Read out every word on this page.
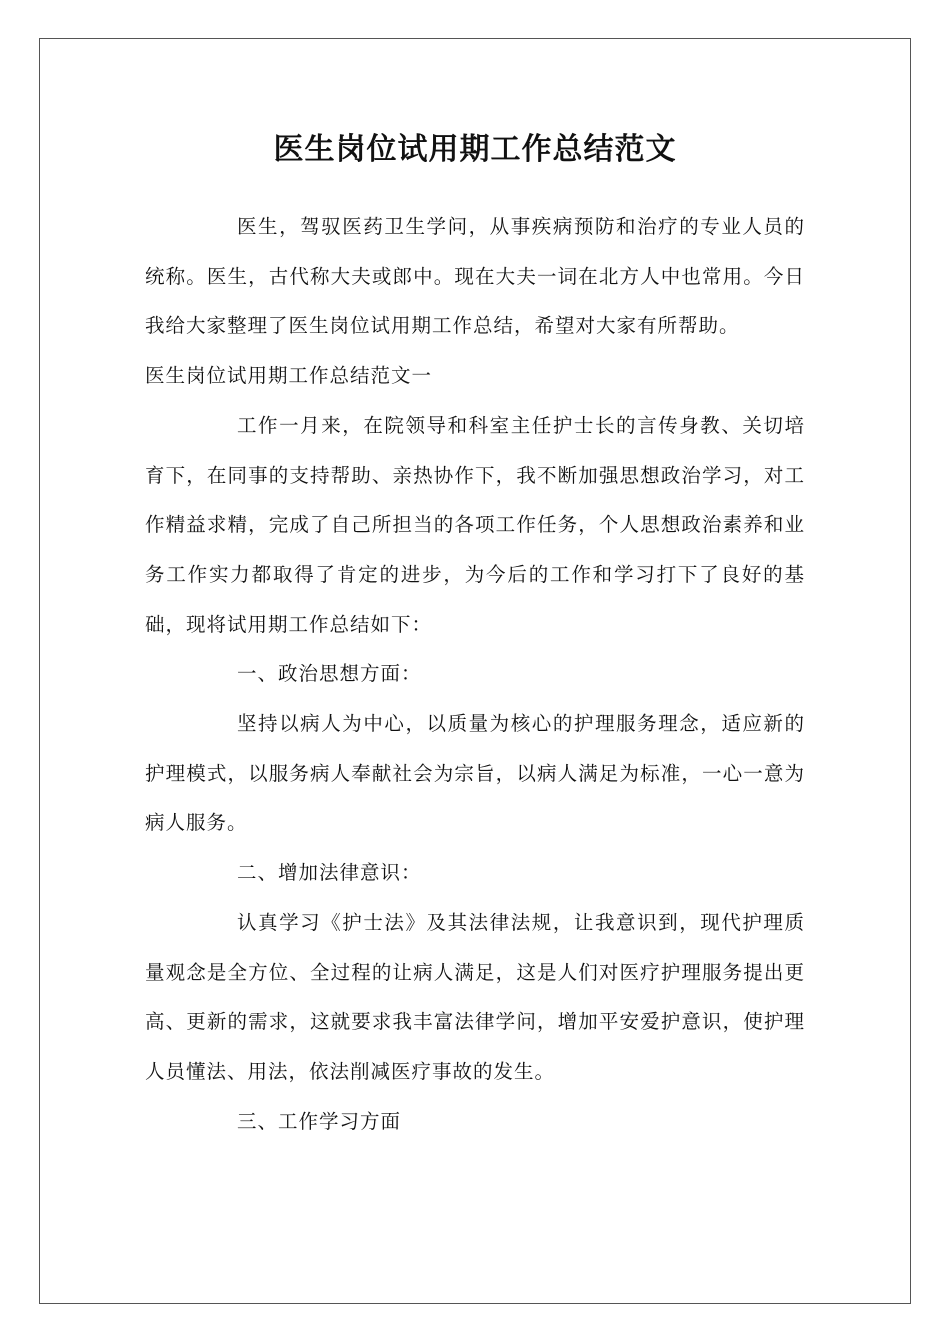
医生岗位试用期工作总结范文

医生，驾驭医药卫生学问，从事疾病预防和治疗的专业人员的统称。医生，古代称大夫或郎中。现在大夫一词在北方人中也常用。今日我给大家整理了医生岗位试用期工作总结，希望对大家有所帮助。

医生岗位试用期工作总结范文一

工作一月来，在院领导和科室主任护士长的言传身教、关切培育下，在同事的支持帮助、亲热协作下，我不断加强思想政治学习，对工作精益求精，完成了自己所担当的各项工作任务，个人思想政治素养和业务工作实力都取得了肯定的进步，为今后的工作和学习打下了良好的基础，现将试用期工作总结如下：

一、政治思想方面：

坚持以病人为中心，以质量为核心的护理服务理念，适应新的护理模式，以服务病人奉献社会为宗旨，以病人满足为标准，一心一意为病人服务。

二、增加法律意识：

认真学习《护士法》及其法律法规，让我意识到，现代护理质量观念是全方位、全过程的让病人满足，这是人们对医疗护理服务提出更高、更新的需求，这就要求我丰富法律学问，增加平安爱护意识，使护理人员懂法、用法，依法削减医疗事故的发生。

三、工作学习方面
